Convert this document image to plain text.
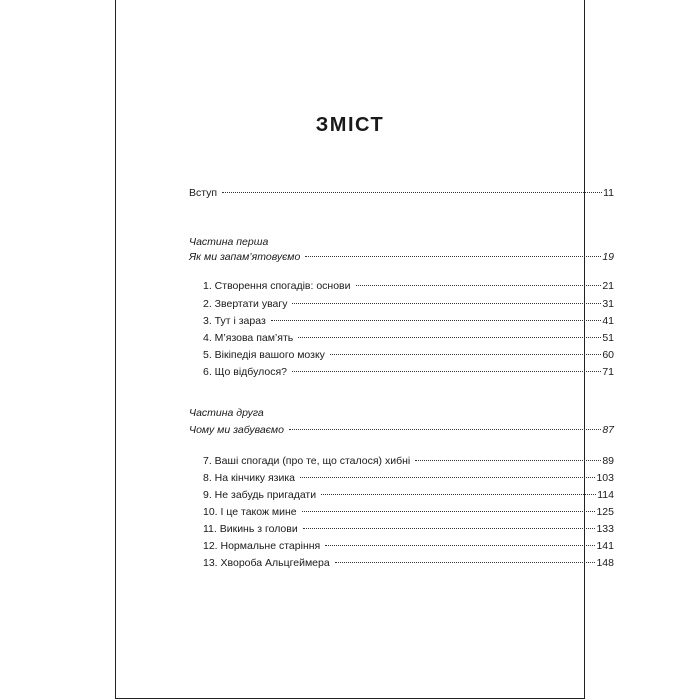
ЗМІСТ
Вступ	11
Частина перша
Як ми запам’ятовуємо	19
1. Створення спогадів: основи	21
2. Звертати увагу	31
3. Тут і зараз	41
4. М’язова пам’ять	51
5. Вікіпедія вашого мозку	60
6. Що відбулося?	71
Частина друга
Чому ми забуваємо	87
7. Ваші спогади (про те, що сталося) хибні	89
8. На кінчику язика	103
9. Не забудь пригадати	114
10. І це також мине	125
11. Викинь з голови	133
12. Нормальне старіння	141
13. Хвороба Альцгеймера	148
